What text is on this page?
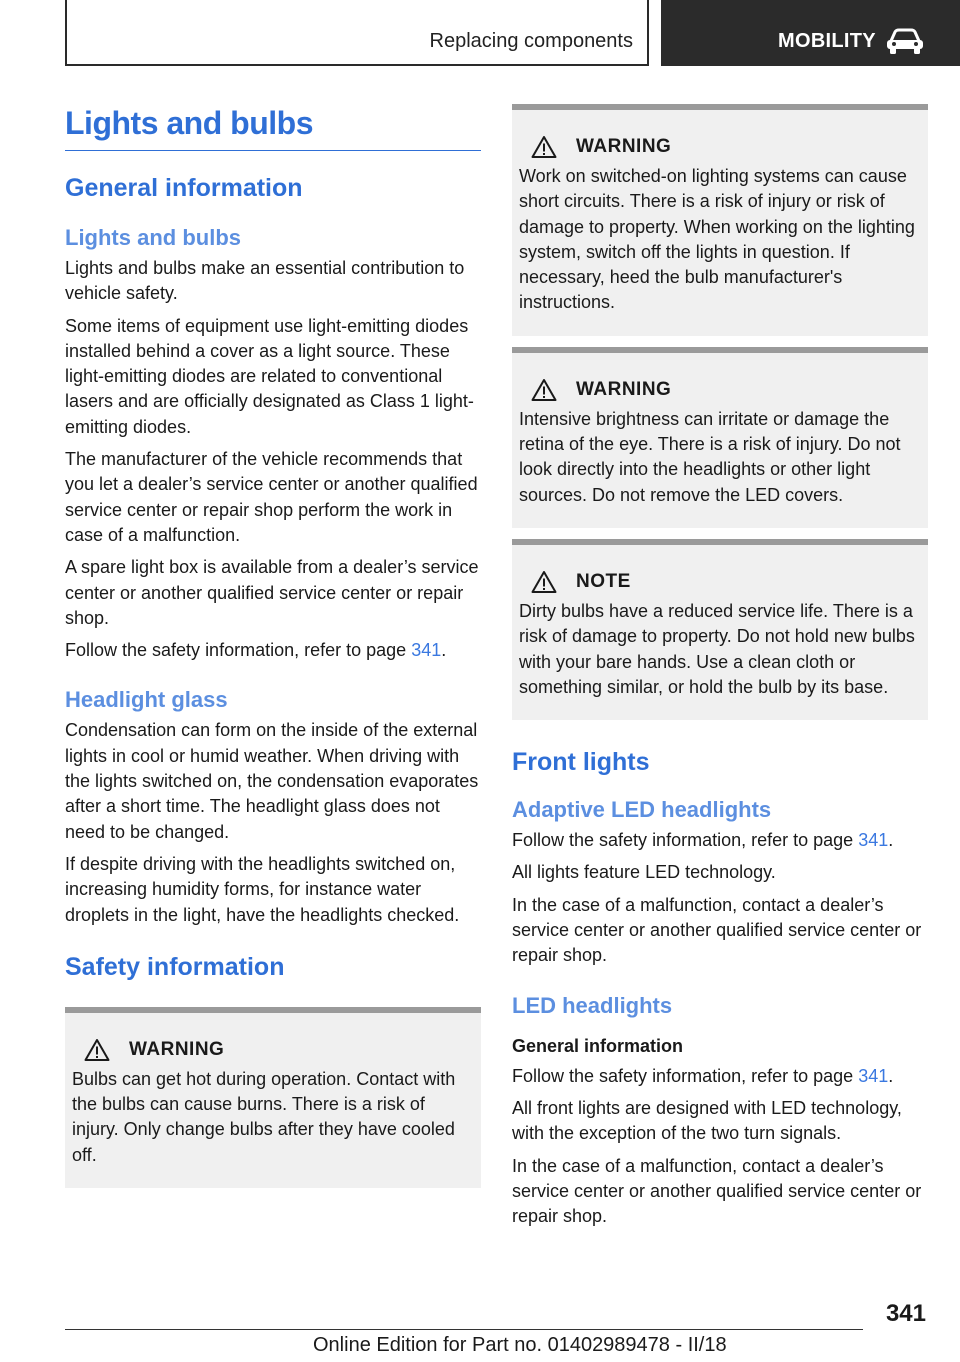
Replacing components	MOBILITY
Lights and bulbs
General information
Lights and bulbs
Lights and bulbs make an essential contribution to vehicle safety.
Some items of equipment use light-emitting diodes installed behind a cover as a light source. These light-emitting diodes are related to conventional lasers and are officially designated as Class 1 light-emitting diodes.
The manufacturer of the vehicle recommends that you let a dealer’s service center or another qualified service center or repair shop perform the work in case of a malfunction.
A spare light box is available from a dealer’s service center or another qualified service center or repair shop.
Follow the safety information, refer to page 341.
Headlight glass
Condensation can form on the inside of the external lights in cool or humid weather. When driving with the lights switched on, the condensation evaporates after a short time. The headlight glass does not need to be changed.
If despite driving with the headlights switched on, increasing humidity forms, for instance water droplets in the light, have the headlights checked.
Safety information
WARNING
Bulbs can get hot during operation. Contact with the bulbs can cause burns. There is a risk of injury. Only change bulbs after they have cooled off.
WARNING
Work on switched-on lighting systems can cause short circuits. There is a risk of injury or risk of damage to property. When working on the lighting system, switch off the lights in question. If necessary, heed the bulb manufacturer's instructions.
WARNING
Intensive brightness can irritate or damage the retina of the eye. There is a risk of injury. Do not look directly into the headlights or other light sources. Do not remove the LED covers.
NOTE
Dirty bulbs have a reduced service life. There is a risk of damage to property. Do not hold new bulbs with your bare hands. Use a clean cloth or something similar, or hold the bulb by its base.
Front lights
Adaptive LED headlights
Follow the safety information, refer to page 341.
All lights feature LED technology.
In the case of a malfunction, contact a dealer’s service center or another qualified service center or repair shop.
LED headlights
General information
Follow the safety information, refer to page 341.
All front lights are designed with LED technology, with the exception of the two turn signals.
In the case of a malfunction, contact a dealer’s service center or another qualified service center or repair shop.
341
Online Edition for Part no. 01402989478 - II/18
